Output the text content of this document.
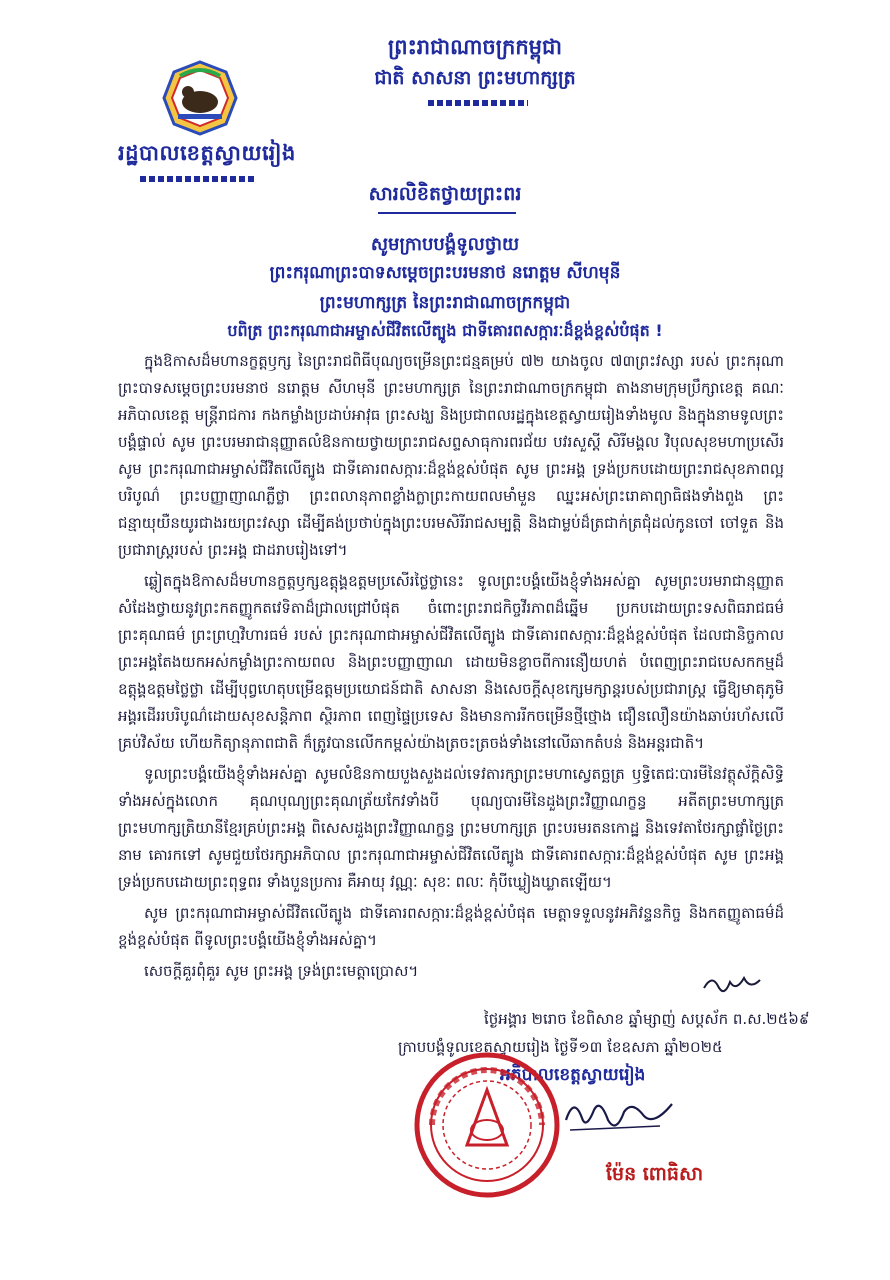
រដ្ឋបាលខេត្តស្វាយរៀង
ព្រះរាជាណាចក្រកម្ពុជា
ជាតិ សាសនា ព្រះមហាក្សត្រ
សារលិខិតថ្វាយព្រះពរ
សូមក្រាបបង្គំទូលថ្វាយ
ព្រះករុណាព្រះបាទសម្តេចព្រះបរមនាថ នរោត្តម សីហមុនី
ព្រះមហាក្សត្រ នៃព្រះរាជាណាចក្រកម្ពុជា
បពិត្រ ព្រះករុណាជាអម្ចាស់ជីវិតលើត្បូង ជាទីគោរពសក្ការៈដ៏ខ្ពង់ខ្ពស់បំផុត !

ក្នុងឱកាសដ៏មហានក្ខត្តឫក្ស នៃព្រះរាជពិធីបុណ្យចម្រើនព្រះជន្មគម្រប់ ៧២ យាងចូល ៧៣ព្រះវស្សា របស់ ព្រះករុណាព្រះបាទសម្តេចព្រះបរមនាថ នរោត្តម សីហមុនី ព្រះមហាក្សត្រ នៃព្រះរាជាណាចក្រកម្ពុជា តាងនាមក្រុមប្រឹក្សាខេត្ត គណៈអភិបាលខេត្ត មន្ត្រីរាជការ កងកម្លាំងប្រដាប់អាវុធ ព្រះសង្ឃ និងប្រជាពលរដ្ឋក្នុងខេត្តស្វាយរៀងទាំងមូល និងក្នុងនាមទូលព្រះបង្គំផ្ទាល់ សូម ព្រះបរមរាជានុញ្ញាតលំឱនកាយថ្វាយព្រះរាជសព្ទសាធុការពរជ័យ បវរសួស្តី សិរីមង្គល វិបុលសុខមហាប្រសើរ សូម ព្រះករុណាជាអម្ចាស់ជីវិតលើត្បូង ជាទីគោរពសក្ការៈដ៏ខ្ពង់ខ្ពស់បំផុត សូម ព្រះអង្គ ទ្រង់ប្រកបដោយព្រះរាជសុខភាពល្អបរិបូណ៌ ព្រះបញ្ញាញាណភ្លឺថ្លា ព្រះពលានុភាពខ្លាំងក្លាព្រះកាយពលមាំមួន ឈ្នះអស់ព្រះរោគាព្យាធិផងទាំងពួង ព្រះជន្មាយុយឺនយូរជាងរយព្រះវស្សា ដើម្បីគង់ប្រថាប់ក្នុងព្រះបរមសិរីរាជសម្បត្តិ និងជាម្លប់ដ៏ត្រជាក់ត្រជុំដល់កូនចៅ ចៅទួត និងប្រជារាស្ត្ររបស់ ព្រះអង្គ ជាដរាបរៀងទៅ។

ឆ្លៀតក្នុងឱកាសដ៏មហានក្ខត្តឫក្សឧត្តុង្គឧត្តមប្រសើរថ្លៃថ្លានេះ ទូលព្រះបង្គំយើងខ្ញុំទាំងអស់គ្នា សូមព្រះបរមរាជានុញ្ញាត សំដែងថ្វាយនូវព្រះកតញ្ញូកតវេទិតាដ៏ជ្រាលជ្រៅបំផុត ចំពោះព្រះរាជកិច្ចវីរភាពដ៏ឆ្នើម ប្រកបដោយព្រះទសពិធរាជធម៌ ព្រះគុណធម៌ ព្រះព្រហ្មវិហារធម៌ របស់ ព្រះករុណាជាអម្ចាស់ជីវិតលើត្បូង ជាទីគោរពសក្ការៈដ៏ខ្ពង់ខ្ពស់បំផុត ដែលជានិច្ចកាលព្រះអង្គតែងយកអស់កម្លាំងព្រះកាយពល និងព្រះបញ្ញាញាណ ដោយមិនខ្លាចពីការនឿយហត់ បំពេញព្រះរាជបេសកកម្មដ៏ឧត្តុង្គឧត្តមថ្លៃថ្លា ដើម្បីបុព្វហេតុបម្រើឧត្តមប្រយោជន៍ជាតិ សាសនា និងសេចក្តីសុខក្សេមក្សាន្តរបស់ប្រជារាស្ត្រ ធ្វើឱ្យមាតុភូមិអង្គរដើររបរិបូណ៌ដោយសុខសន្តិភាព ស្ថិរភាព ពេញផ្ទៃប្រទេស និងមានការរីកចម្រើនថ្មីថ្មោង ជឿនលឿនយ៉ាងឆាប់រហ័សលើគ្រប់វិស័យ ហើយកិត្យានុភាពជាតិ ក៏ត្រូវបានលើកកម្ពស់យ៉ាងត្រចះត្រចង់ទាំងនៅលើឆាកតំបន់ និងអន្តរជាតិ។

ទូលព្រះបង្គំយើងខ្ញុំទាំងអស់គ្នា សូមលំឱនកាយបួងសួងដល់ទេវតារក្សាព្រះមហាស្វេតច្ឆត្រ ឫទ្ធិតេជៈបារមីនៃវត្ថុស័ក្តិសិទ្ធិទាំងអស់ក្នុងលោក គុណបុណ្យព្រះគុណត្រ័យកែវទាំងបី បុណ្យបារមីនៃដួងព្រះវិញ្ញាណក្ខន្ធ អតីតព្រះមហាក្សត្រ ព្រះមហាក្សត្រិយានីខ្មែរគ្រប់ព្រះអង្គ ពិសេសដួងព្រះវិញ្ញាណក្ខន្ធ ព្រះមហាក្សត្រ ព្រះបរមរតនកោដ្ឋ និងទេវតាថែរក្សាផ្ចាំថ្ងៃព្រះនាម គោរកទៅ សូមជួយថែរក្សាអភិបាល ព្រះករុណាជាអម្ចាស់ជីវិតលើត្បូង ជាទីគោរពសក្ការៈដ៏ខ្ពង់ខ្ពស់បំផុត សូម ព្រះអង្គ ទ្រង់ប្រកបដោយព្រះពុទ្ធពរ ទាំងបួនប្រការ គឺអាយុ វណ្ណៈ សុខៈ ពលៈ កុំបីឃ្លៀងឃ្លាតឡើយ។

សូម ព្រះករុណាជាអម្ចាស់ជីវិតលើត្បូង ជាទីគោរពសក្ការៈដ៏ខ្ពង់ខ្ពស់បំផុត មេត្តាទទួលនូវអភិវន្ទនកិច្ច និងកតញ្ញូតាធម៌ដ៏ខ្ពង់ខ្ពស់បំផុត ពីទូលព្រះបង្គំយើងខ្ញុំទាំងអស់គ្នា។

សេចក្តីគួរពុំគួរ សូម ព្រះអង្គ ទ្រង់ព្រះមេត្តាប្រោស។

ថ្ងៃអង្គារ ២រោច ខែពិសាខ ឆ្នាំម្សាញ់ សប្តស័ក ព.ស.២៥៦៩
ក្រាបបង្គំទូលខេត្តស្វាយរៀង ថ្ងៃទី១៣ ខែឧសភា ឆ្នាំ២០២៥
អភិបាលខេត្តស្វាយរៀង
ម៉ែន ពោធិសា
